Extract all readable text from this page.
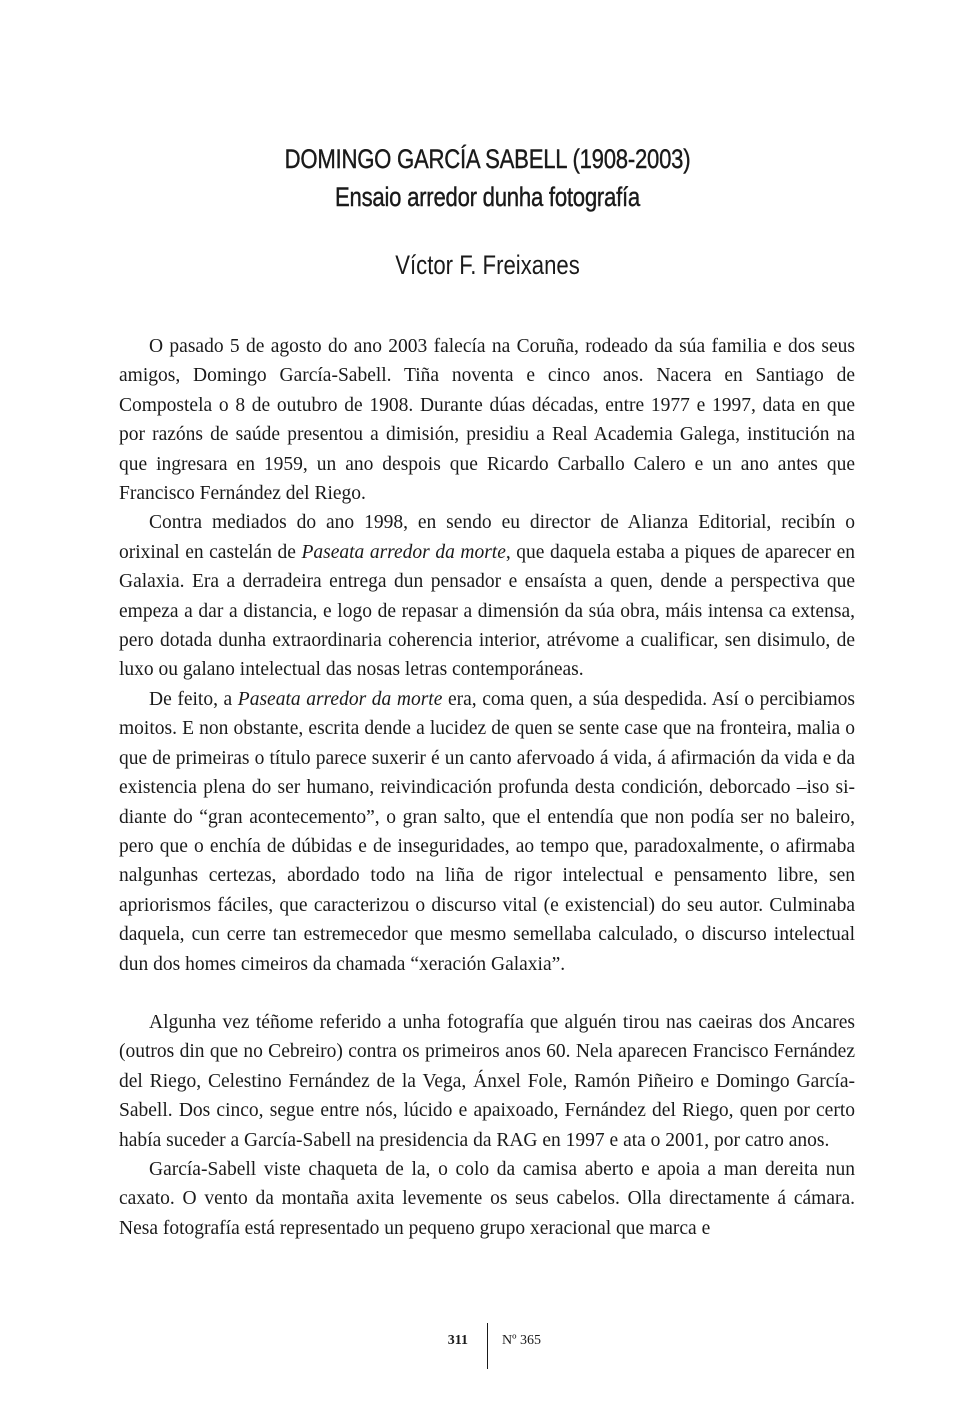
DOMINGO GARCÍA SABELL (1908-2003)
Ensaio arredor dunha fotografía
Víctor F. Freixanes

O pasado 5 de agosto do ano 2003 falecía na Coruña, rodeado da súa familia e dos seus amigos, Domingo García-Sabell. Tiña noventa e cinco anos. Nacera en Santiago de Compostela o 8 de outubro de 1908. Durante dúas décadas, entre 1977 e 1997, data en que por razóns de saúde presentou a dimisión, presidiu a Real Academia Galega, institución na que ingresara en 1959, un ano despois que Ricardo Carballo Calero e un ano antes que Francisco Fernández del Riego.

Contra mediados do ano 1998, en sendo eu director de Alianza Editorial, recibín o orixinal en castelán de Paseata arredor da morte, que daquela estaba a piques de aparecer en Galaxia. Era a derradeira entrega dun pensador e ensaísta a quen, dende a perspectiva que empeza a dar a distancia, e logo de repasar a dimensión da súa obra, máis intensa ca extensa, pero dotada dunha extraordinaria coherencia interior, atrévome a cualificar, sen disimulo, de luxo ou galano intelectual das nosas letras contemporáneas.

De feito, a Paseata arredor da morte era, coma quen, a súa despedida. Así o percibiamos moitos. E non obstante, escrita dende a lucidez de quen se sente case que na fronteira, malia o que de primeiras o título parece suxerir é un canto afervoado á vida, á afirmación da vida e da existencia plena do ser humano, reivindicación profunda desta condición, deborcado –iso si- diante do “gran acontecemento”, o gran salto, que el entendía que non podía ser no baleiro, pero que o enchía de dúbidas e de inseguridades, ao tempo que, paradoxalmente, o afirmaba nalgunhas certezas, abordado todo na liña de rigor intelectual e pensamento libre, sen apriorismos fáciles, que caracterizou o discurso vital (e existencial) do seu autor. Culminaba daquela, cun cerre tan estremecedor que mesmo semellaba calculado, o discurso intelectual dun dos homes cimeiros da chamada “xeración Galaxia”.

Algunha vez téñome referido a unha fotografía que alguén tirou nas caeiras dos Ancares (outros din que no Cebreiro) contra os primeiros anos 60. Nela aparecen Francisco Fernández del Riego, Celestino Fernández de la Vega, Ánxel Fole, Ramón Piñeiro e Domingo García-Sabell. Dos cinco, segue entre nós, lúcido e apaixoado, Fernández del Riego, quen por certo había suceder a García-Sabell na presidencia da RAG en 1997 e ata o 2001, por catro anos.

García-Sabell viste chaqueta de la, o colo da camisa aberto e apoia a man dereita nun caxato. O vento da montaña axita levemente os seus cabelos. Olla directamente á cámara. Nesa fotografía está representado un pequeno grupo xeracional que marca e

311 Nº 365
